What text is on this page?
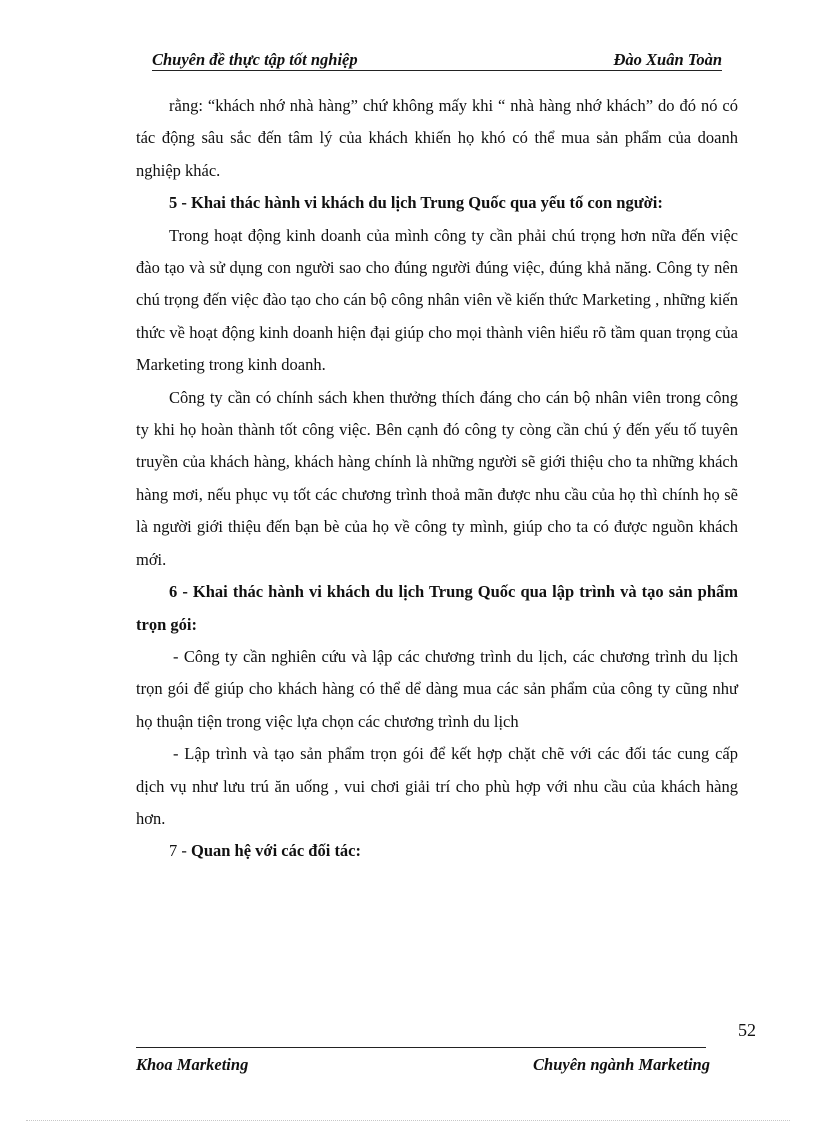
Chuyên đề thực tập tốt nghiệp	Đào Xuân Toàn

rằng: “khách nhớ nhà hàng” chứ không mấy khi “ nhà hàng nhớ khách” do đó nó có tác động sâu sắc đến tâm lý của khách khiến họ khó có thể mua sản phẩm của doanh nghiệp khác.

5 - Khai thác hành vi khách du lịch Trung Quốc qua yếu tố con người:

Trong hoạt động kinh doanh của mình công ty cần phải chú trọng hơn nữa đến việc đào tạo và sử dụng con người sao cho đúng người đúng việc, đúng khả năng. Công ty nên chú trọng đến việc đào tạo cho cán bộ công nhân viên về kiến thức Marketing , những kiến thức về hoạt động kinh doanh hiện đại giúp cho mọi thành viên hiểu rõ tầm quan trọng của Marketing trong kinh doanh.

Công ty cần có chính sách khen thưởng thích đáng cho cán bộ nhân viên trong công ty khi họ hoàn thành tốt công việc. Bên cạnh đó công ty còng cần chú ý đến yếu tố tuyên truyền của khách hàng, khách hàng chính là những người sẽ giới thiệu cho ta những khách hàng mơi, nếu phục vụ tốt các chương trình thoả mãn được nhu cầu của họ thì chính họ sẽ là người giới thiệu đến bạn bè của họ về công ty mình, giúp cho ta có được nguồn khách mới.

6 - Khai thác hành vi khách du lịch Trung Quốc qua lập trình và tạo sản phẩm trọn gói:

- Công ty cần nghiên cứu và lập các chương trình du lịch, các chương trình du lịch trọn gói để giúp cho khách hàng có thể dể dàng mua các sản phẩm của công ty cũng như họ thuận tiện trong việc lựa chọn các chương trình du lịch

- Lập trình và tạo sản phẩm trọn gói để kết hợp chặt chẽ với các đối tác cung cấp dịch vụ như lưu trú ăn uống , vui chơi giải trí cho phù hợp với nhu cầu của khách hàng hơn.

7 - Quan hệ với các đối tác:

52
Khoa Marketing	Chuyên ngành Marketing
